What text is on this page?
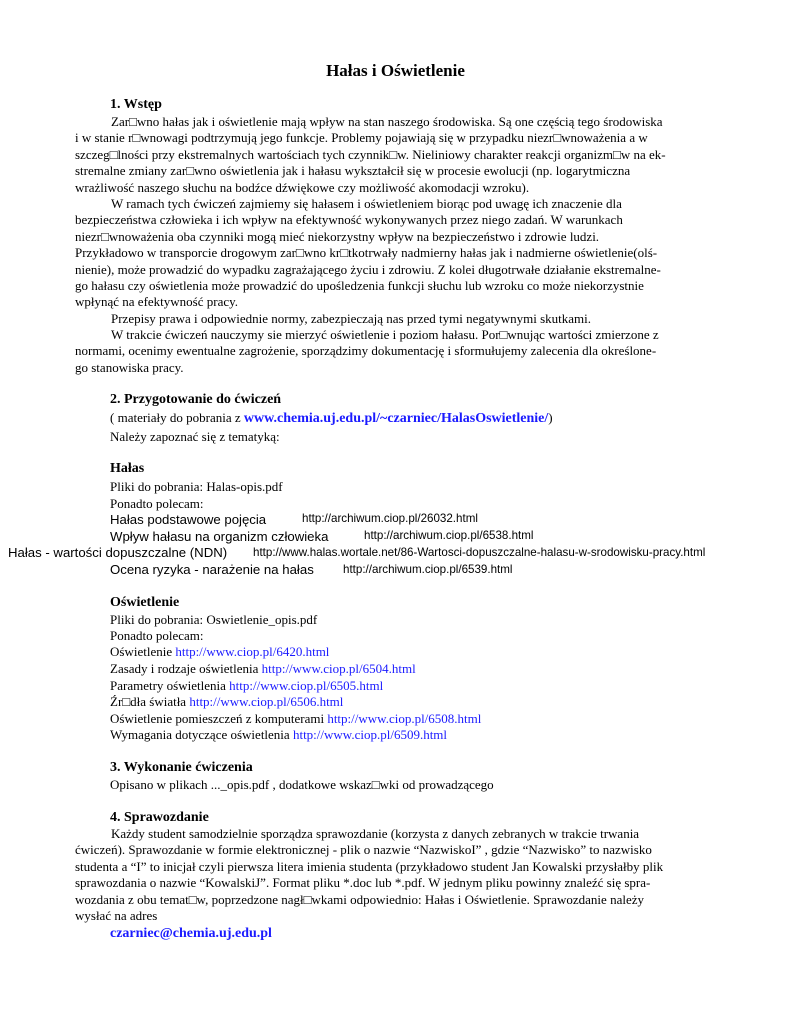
Hałas i Oświetlenie
1. Wstęp
Zar□wno hałas jak i oświetlenie mają wpływ na stan naszego środowiska. Są one częścią tego środowiska
i w stanie r□wnowagi podtrzymują jego funkcje. Problemy pojawiają się w przypadku niezr□wnoważenia a w
szczeg□lności przy ekstremalnych wartościach tych czynnik□w. Nieliniowy charakter reakcji organizm□w na ek-
stremalne zmiany zar□wno oświetlenia jak i hałasu wykształcił się w procesie ewolucji (np. logarytmiczna
wrażliwość naszego słuchu na bodźce dźwiękowe czy możliwość akomodacji wzroku).
W ramach tych ćwiczeń zajmiemy się hałasem i oświetleniem biorąc pod uwagę ich znaczenie dla
bezpieczeństwa człowieka i ich wpływ na efektywność wykonywanych przez niego zadań. W warunkach
niezr□wnoważenia oba czynniki mogą mieć niekorzystny wpływ na bezpieczeństwo i zdrowie ludzi.
Przykładowo w transporcie drogowym zar□wno kr□tkotrwały nadmierny hałas jak i nadmierne oświetlenie(olś-
nienie), może prowadzić do wypadku zagrażającego życiu i zdrowiu. Z kolei długotrwałe działanie ekstremalne-
go hałasu czy oświetlenia może prowadzić do upośledzenia funkcji słuchu lub wzroku co może niekorzystnie
wpłynąć na efektywność pracy.
Przepisy prawa i odpowiednie normy, zabezpieczają nas przed tymi negatywnymi skutkami.
W trakcie ćwiczeń nauczymy sie mierzyć oświetlenie i poziom hałasu. Por□wnując wartości zmierzone z
normami, ocenimy ewentualne zagrożenie, sporządzimy dokumentację i sformułujemy zalecenia dla określone-
go stanowiska pracy.
2. Przygotowanie do ćwiczeń
( materiały do pobrania z www.chemia.uj.edu.pl/~czarniec/HalasOswietlenie/)
Należy zapoznać się z tematyką:
Hałas
Pliki do pobrania: Halas-opis.pdf
Ponadto polecam:
Hałas podstawowe pojęcia	http://archiwum.ciop.pl/26032.html
Wpływ hałasu na organizm człowieka	http://archiwum.ciop.pl/6538.html
Hałas - wartości dopuszczalne (NDN) http://www.halas.wortale.net/86-Wartosci-dopuszczalne-halasu-w-srodowisku-pracy.html
Ocena ryzyka - narażenie na hałas	http://archiwum.ciop.pl/6539.html
Oświetlenie
Pliki do pobrania: Oswietlenie_opis.pdf
Ponadto polecam:
Oświetlenie http://www.ciop.pl/6420.html
Zasady i rodzaje oświetlenia http://www.ciop.pl/6504.html
Parametry oświetlenia http://www.ciop.pl/6505.html
Źr□dła światła http://www.ciop.pl/6506.html
Oświetlenie pomieszczeń z komputerami http://www.ciop.pl/6508.html
Wymagania dotyczące oświetlenia http://www.ciop.pl/6509.html
3. Wykonanie ćwiczenia
Opisano w plikach ..._opis.pdf , dodatkowe wskaz□wki od prowadzącego
4. Sprawozdanie
Każdy student samodzielnie sporządza sprawozdanie (korzysta z danych zebranych w trakcie trwania
ćwiczeń). Sprawozdanie w formie elektronicznej - plik o nazwie “NazwiskoI” , gdzie “Nazwisko” to nazwisko
studenta a “I” to inicjał czyli pierwsza litera imienia studenta (przykładowo student Jan Kowalski przysłałby plik
sprawozdania o nazwie “KowalskiJ”. Format pliku *.doc lub *.pdf. W jednym pliku powinny znaleźć się spra-
wozdania z obu temat□w, poprzedzone nagł□wkami odpowiednio: Hałas i Oświetlenie. Sprawozdanie należy
wysłać na adres
czarniec@chemia.uj.edu.pl
